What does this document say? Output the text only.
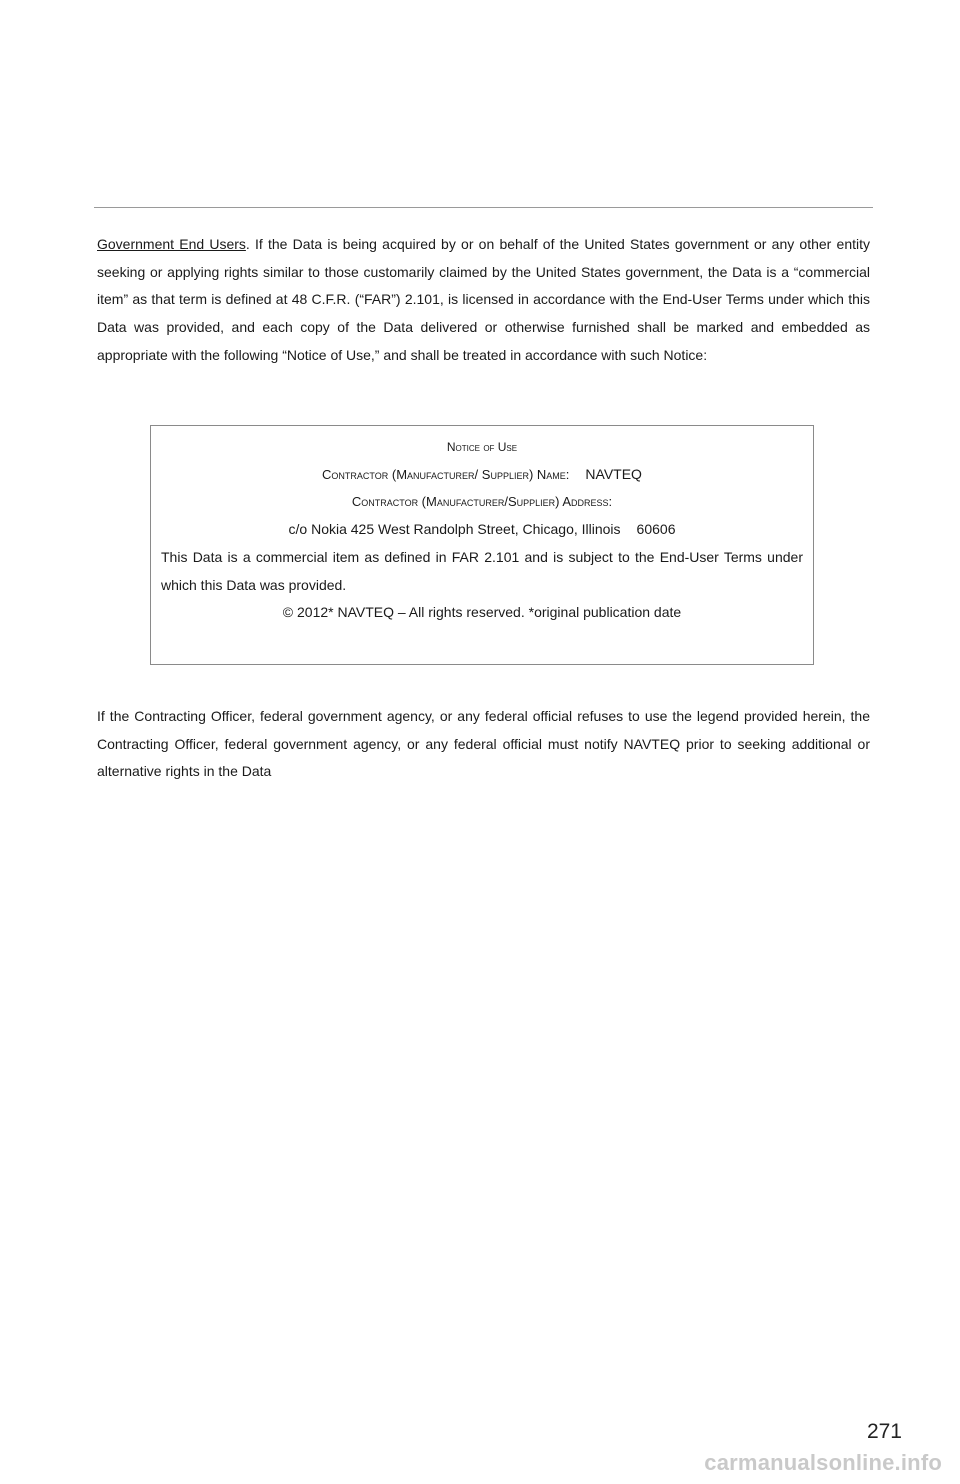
Government End Users. If the Data is being acquired by or on behalf of the United States government or any other entity seeking or applying rights similar to those customarily claimed by the United States government, the Data is a “commercial item” as that term is defined at 48 C.F.R. (“FAR”) 2.101, is licensed in accordance with the End-User Terms under which this Data was provided, and each copy of the Data delivered or otherwise furnished shall be marked and embedded as appropriate with the following “Notice of Use,” and shall be treated in accordance with such Notice:

Notice of Use
Contractor (Manufacturer/ Supplier) Name: NAVTEQ
Contractor (Manufacturer/Supplier) Address:
c/o Nokia 425 West Randolph Street, Chicago, Illinois 60606
This Data is a commercial item as defined in FAR 2.101 and is subject to the End-User Terms under which this Data was provided.
© 2012* NAVTEQ – All rights reserved. *original publication date

If the Contracting Officer, federal government agency, or any federal official refuses to use the legend provided herein, the Contracting Officer, federal government agency, or any federal official must notify NAVTEQ prior to seeking additional or alternative rights in the Data

271
carmanualsonline.info
